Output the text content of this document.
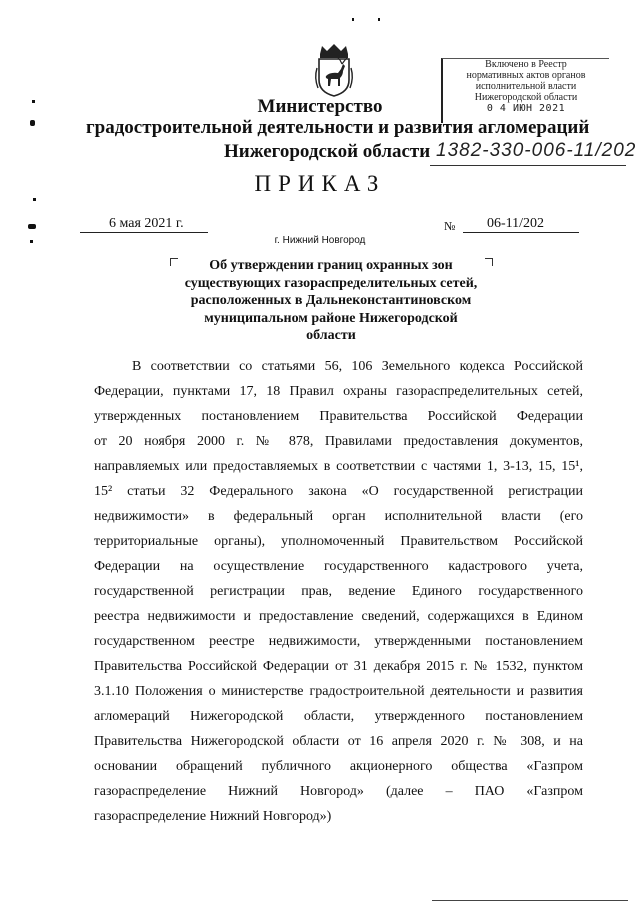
Включено в Реестр
нормативных актов органов
исполнительной власти
Нижегородской области
0 4 ИЮН 2021
Министерство
градостроительной деятельности и развития агломераций
Нижегородской области 1382-330-006-11/202
ПРИКАЗ
6 мая 2021 г.	№ 06-11/202
г. Нижний Новгород
Об утверждении границ охранных зон
существующих газораспределительных сетей,
расположенных в Дальнеконстантиновском
муниципальном районе Нижегородской
области
В соответствии со статьями 56, 106 Земельного кодекса Российской
Федерации, пунктами 17, 18 Правил охраны газораспределительных сетей,
утвержденных постановлением Правительства Российской Федерации
от 20 ноября 2000 г. № 878, Правилами предоставления документов,
направляемых или предоставляемых в соответствии с частями 1, 3-13, 15, 15¹,
15² статьи 32 Федерального закона «О государственной регистрации
недвижимости» в федеральный орган исполнительной власти (его
территориальные органы), уполномоченный Правительством Российской
Федерации на осуществление государственного кадастрового учета,
государственной регистрации прав, ведение Единого государственного
реестра недвижимости и предоставление сведений, содержащихся в Едином
государственном реестре недвижимости, утвержденными постановлением
Правительства Российской Федерации от 31 декабря 2015 г. № 1532, пунктом
3.1.10 Положения о министерстве градостроительной деятельности и развития
агломераций Нижегородской области, утвержденного постановлением
Правительства Нижегородской области от 16 апреля 2020 г. № 308, и на
основании обращений публичного акционерного общества «Газпром
газораспределение Нижний Новгород» (далее – ПАО «Газпром
газораспределение Нижний Новгород»)
